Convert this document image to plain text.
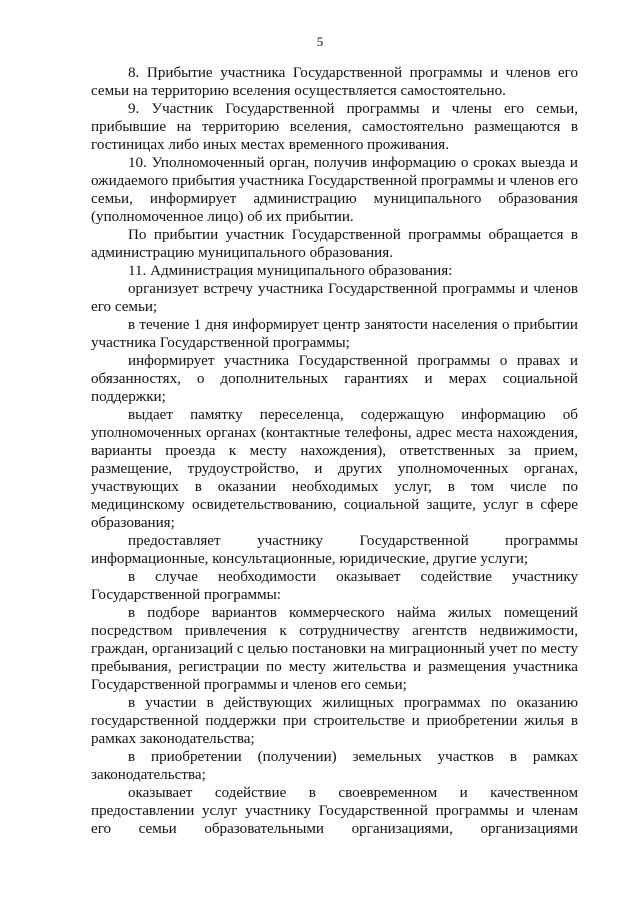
5

8. Прибытие участника Государственной программы и членов его семьи на территорию вселения осуществляется самостоятельно.

9. Участник Государственной программы и члены его семьи, прибывшие на территорию вселения, самостоятельно размещаются в гостиницах либо иных местах временного проживания.

10. Уполномоченный орган, получив информацию о сроках выезда и ожидаемого прибытия участника Государственной программы и членов его семьи, информирует администрацию муниципального образования (уполномоченное лицо) об их прибытии.

По прибытии участник Государственной программы обращается в администрацию муниципального образования.

11. Администрация муниципального образования:

организует встречу участника Государственной программы и членов его семьи;

в течение 1 дня информирует центр занятости населения о прибытии участника Государственной программы;

информирует участника Государственной программы о правах и обязанностях, о дополнительных гарантиях и мерах социальной поддержки;

выдает памятку переселенца, содержащую информацию об уполномоченных органах (контактные телефоны, адрес места нахождения, варианты проезда к месту нахождения), ответственных за прием, размещение, трудоустройство, и других уполномоченных органах, участвующих в оказании необходимых услуг, в том числе по медицинскому освидетельствованию, социальной защите, услуг в сфере образования;

предоставляет участнику Государственной программы информационные, консультационные, юридические, другие услуги;

в случае необходимости оказывает содействие участнику Государственной программы:

в подборе вариантов коммерческого найма жилых помещений посредством привлечения к сотрудничеству агентств недвижимости, граждан, организаций с целью постановки на миграционный учет по месту пребывания, регистрации по месту жительства и размещения участника Государственной программы и членов его семьи;

в участии в действующих жилищных программах по оказанию государственной поддержки при строительстве и приобретении жилья в рамках законодательства;

в приобретении (получении) земельных участков в рамках законодательства;

оказывает содействие в своевременном и качественном предоставлении услуг участнику Государственной программы и членам его семьи образовательными организациями, организациями
